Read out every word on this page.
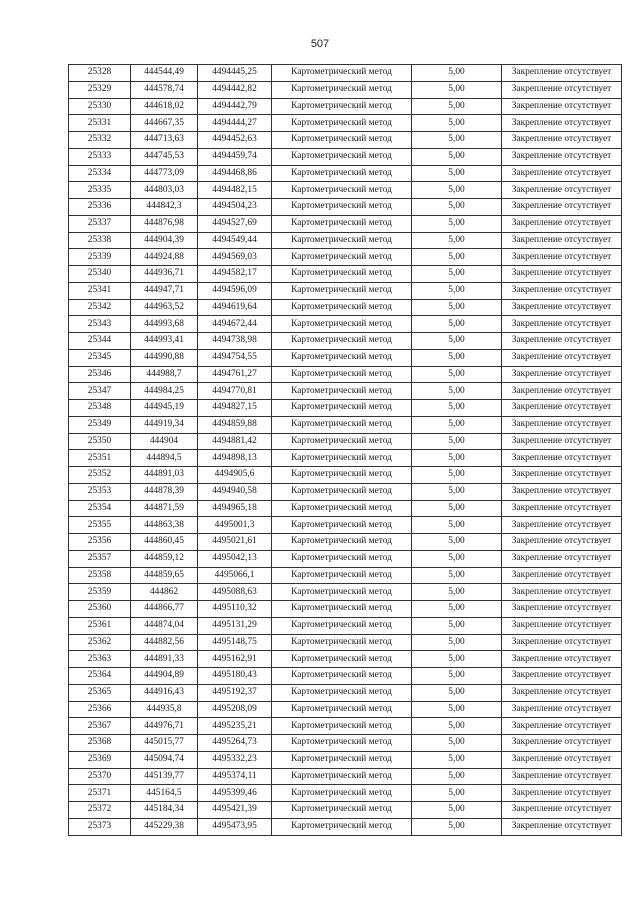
507
25328	444544,49	4494445,25	Картометрический метод	5,00	Закрепление отсутствует
25329	444578,74	4494442,82	Картометрический метод	5,00	Закрепление отсутствует
25330	444618,02	4494442,79	Картометрический метод	5,00	Закрепление отсутствует
25331	444667,35	4494444,27	Картометрический метод	5,00	Закрепление отсутствует
25332	444713,63	4494452,63	Картометрический метод	5,00	Закрепление отсутствует
25333	444745,53	4494459,74	Картометрический метод	5,00	Закрепление отсутствует
25334	444773,09	4494468,86	Картометрический метод	5,00	Закрепление отсутствует
25335	444803,03	4494482,15	Картометрический метод	5,00	Закрепление отсутствует
25336	444842,3	4494504,23	Картометрический метод	5,00	Закрепление отсутствует
25337	444876,98	4494527,69	Картометрический метод	5,00	Закрепление отсутствует
25338	444904,39	4494549,44	Картометрический метод	5,00	Закрепление отсутствует
25339	444924,88	4494569,03	Картометрический метод	5,00	Закрепление отсутствует
25340	444936,71	4494582,17	Картометрический метод	5,00	Закрепление отсутствует
25341	444947,71	4494596,09	Картометрический метод	5,00	Закрепление отсутствует
25342	444963,52	4494619,64	Картометрический метод	5,00	Закрепление отсутствует
25343	444993,68	4494672,44	Картометрический метод	5,00	Закрепление отсутствует
25344	444993,41	4494738,98	Картометрический метод	5,00	Закрепление отсутствует
25345	444990,88	4494754,55	Картометрический метод	5,00	Закрепление отсутствует
25346	444988,7	4494761,27	Картометрический метод	5,00	Закрепление отсутствует
25347	444984,25	4494770,81	Картометрический метод	5,00	Закрепление отсутствует
25348	444945,19	4494827,15	Картометрический метод	5,00	Закрепление отсутствует
25349	444919,34	4494859,88	Картометрический метод	5,00	Закрепление отсутствует
25350	444904	4494881,42	Картометрический метод	5,00	Закрепление отсутствует
25351	444894,5	4494898,13	Картометрический метод	5,00	Закрепление отсутствует
25352	444891,03	4494905,6	Картометрический метод	5,00	Закрепление отсутствует
25353	444878,39	4494940,58	Картометрический метод	5,00	Закрепление отсутствует
25354	444871,59	4494965,18	Картометрический метод	5,00	Закрепление отсутствует
25355	444863,38	4495001,3	Картометрический метод	5,00	Закрепление отсутствует
25356	444860,45	4495021,61	Картометрический метод	5,00	Закрепление отсутствует
25357	444859,12	4495042,13	Картометрический метод	5,00	Закрепление отсутствует
25358	444859,65	4495066,1	Картометрический метод	5,00	Закрепление отсутствует
25359	444862	4495088,63	Картометрический метод	5,00	Закрепление отсутствует
25360	444866,77	4495110,32	Картометрический метод	5,00	Закрепление отсутствует
25361	444874,04	4495131,29	Картометрический метод	5,00	Закрепление отсутствует
25362	444882,56	4495148,75	Картометрический метод	5,00	Закрепление отсутствует
25363	444891,33	4495162,91	Картометрический метод	5,00	Закрепление отсутствует
25364	444904,89	4495180,43	Картометрический метод	5,00	Закрепление отсутствует
25365	444916,43	4495192,37	Картометрический метод	5,00	Закрепление отсутствует
25366	444935,8	4495208,09	Картометрический метод	5,00	Закрепление отсутствует
25367	444976,71	4495235,21	Картометрический метод	5,00	Закрепление отсутствует
25368	445015,77	4495264,73	Картометрический метод	5,00	Закрепление отсутствует
25369	445094,74	4495332,23	Картометрический метод	5,00	Закрепление отсутствует
25370	445139,77	4495374,11	Картометрический метод	5,00	Закрепление отсутствует
25371	445164,5	4495399,46	Картометрический метод	5,00	Закрепление отсутствует
25372	445184,34	4495421,39	Картометрический метод	5,00	Закрепление отсутствует
25373	445229,38	4495473,95	Картометрический метод	5,00	Закрепление отсутствует
